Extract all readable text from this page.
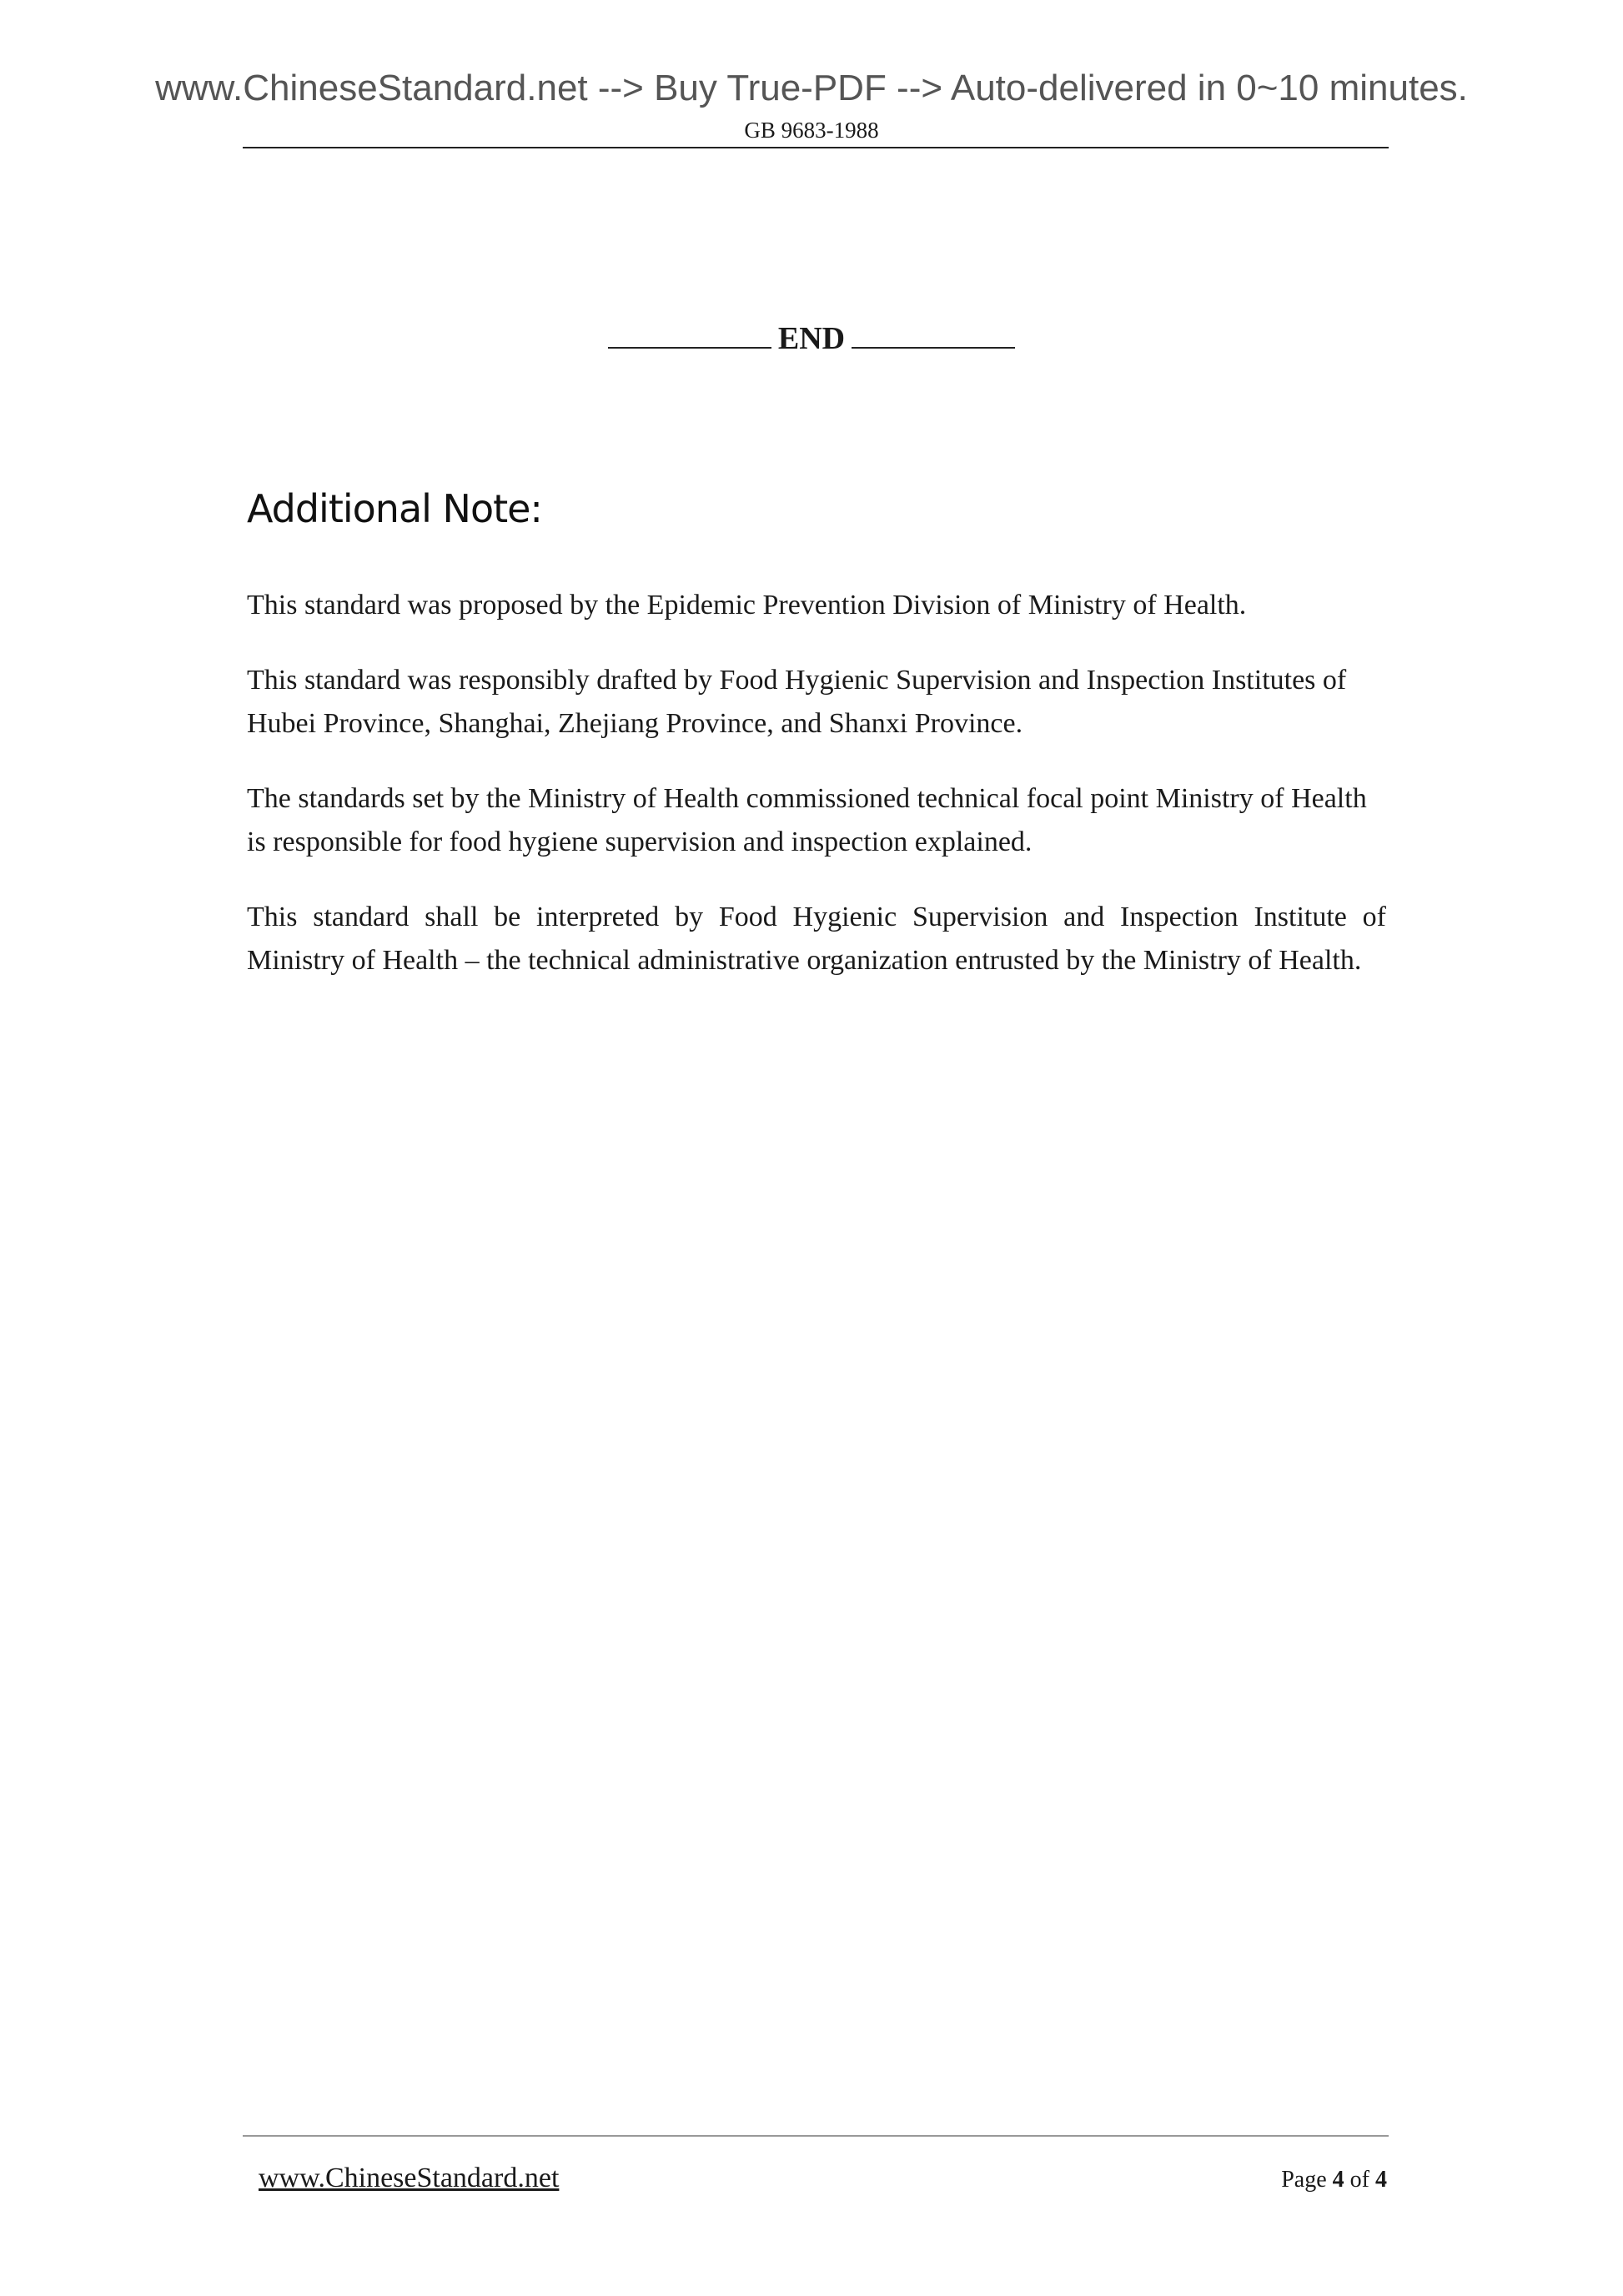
www.ChineseStandard.net --> Buy True-PDF --> Auto-delivered in 0~10 minutes.
GB 9683-1988
END
Additional Note:

This standard was proposed by the Epidemic Prevention Division of Ministry of Health.

This standard was responsibly drafted by Food Hygienic Supervision and Inspection Institutes of Hubei Province, Shanghai, Zhejiang Province, and Shanxi Province.

The standards set by the Ministry of Health commissioned technical focal point Ministry of Health is responsible for food hygiene supervision and inspection explained.

This standard shall be interpreted by Food Hygienic Supervision and Inspection Institute of Ministry of Health – the technical administrative organization entrusted by the Ministry of Health.

www.ChineseStandard.net	Page 4 of 4
